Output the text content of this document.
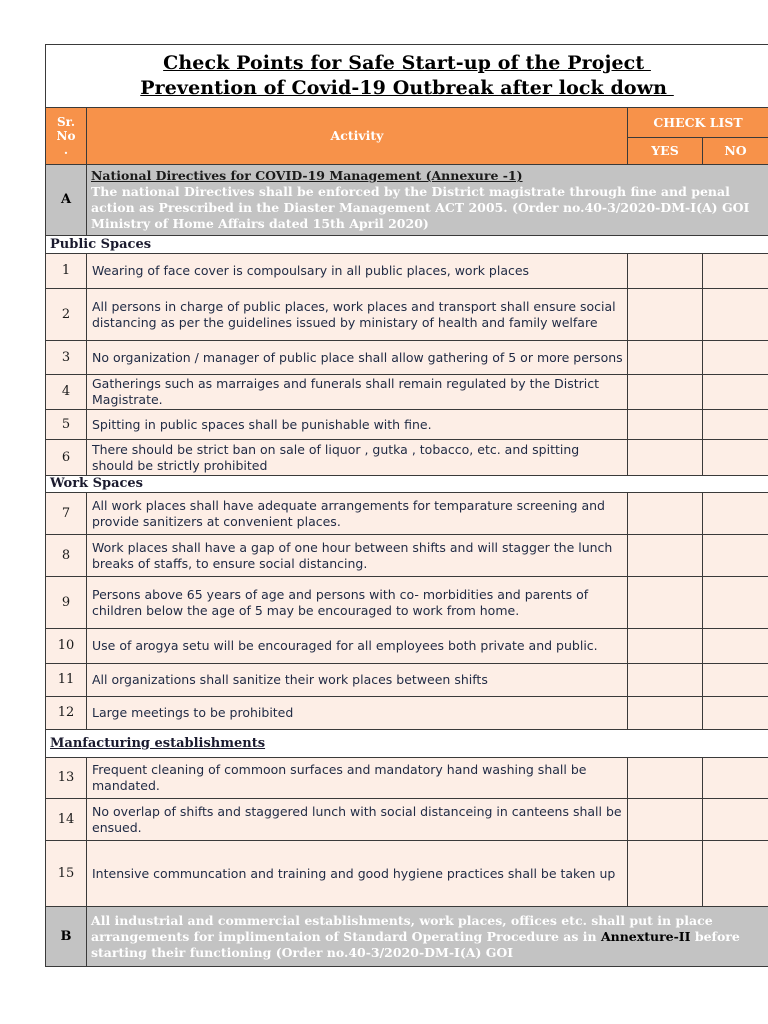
Check Points for Safe Start-up of the Project
Prevention of Covid-19 Outbreak after lock down			

Sr.
No
.	Activity	CHECK LIST	
		YES	NO
A	National Directives for COVID-19 Management (Annexure -1)
The national Directives shall be enforced by the District magistrate through fine and penal action as Prescribed in the Diaster Management ACT 2005. (Order no.40-3/2020-DM-I(A) GOI Ministry of Home Affairs dated 15th April 2020)		

Public Spaces			
1	Wearing of face cover is compoulsary in all public places, work places		
2	All persons in charge of public places, work places and transport shall ensure social distancing as per the guidelines issued by ministary of health and family welfare		
3	No organization / manager of public place shall allow gathering of 5 or more persons		
4	Gatherings such as marraiges and funerals shall remain regulated by the District Magistrate.		
5	Spitting in public spaces shall be punishable with fine.		
6	There should be strict ban on sale of liquor , gutka , tobacco, etc. and spitting should be strictly prohibited		
Work Spaces			
7	All work places shall have adequate arrangements for temparature screening and provide sanitizers at convenient places.		
8	Work places shall have a gap of one hour between shifts and will stagger the lunch breaks of staffs, to ensure social distancing.		
9	Persons above 65 years of age and persons with co- morbidities and parents of children below the age of 5 may be encouraged to work from home.		
10	Use of arogya setu will be encouraged for all employees both private and public.		
11	All organizations shall sanitize their work places between shifts		
12	Large meetings to be prohibited		
Manfacturing establishments			
13	Frequent cleaning of commoon surfaces and mandatory hand washing shall be mandated.		
14	No overlap of shifts and staggered lunch with social distanceing in canteens shall be ensued.		
15	Intensive communcation and training and good hygiene practices shall be taken up		
B	All industrial and commercial establishments, work places, offices etc. shall put in place arrangements for implimentaion of Standard Operating Procedure as in Annexture-II before starting their functioning (Order no.40-3/2020-DM-I(A) GOI		
